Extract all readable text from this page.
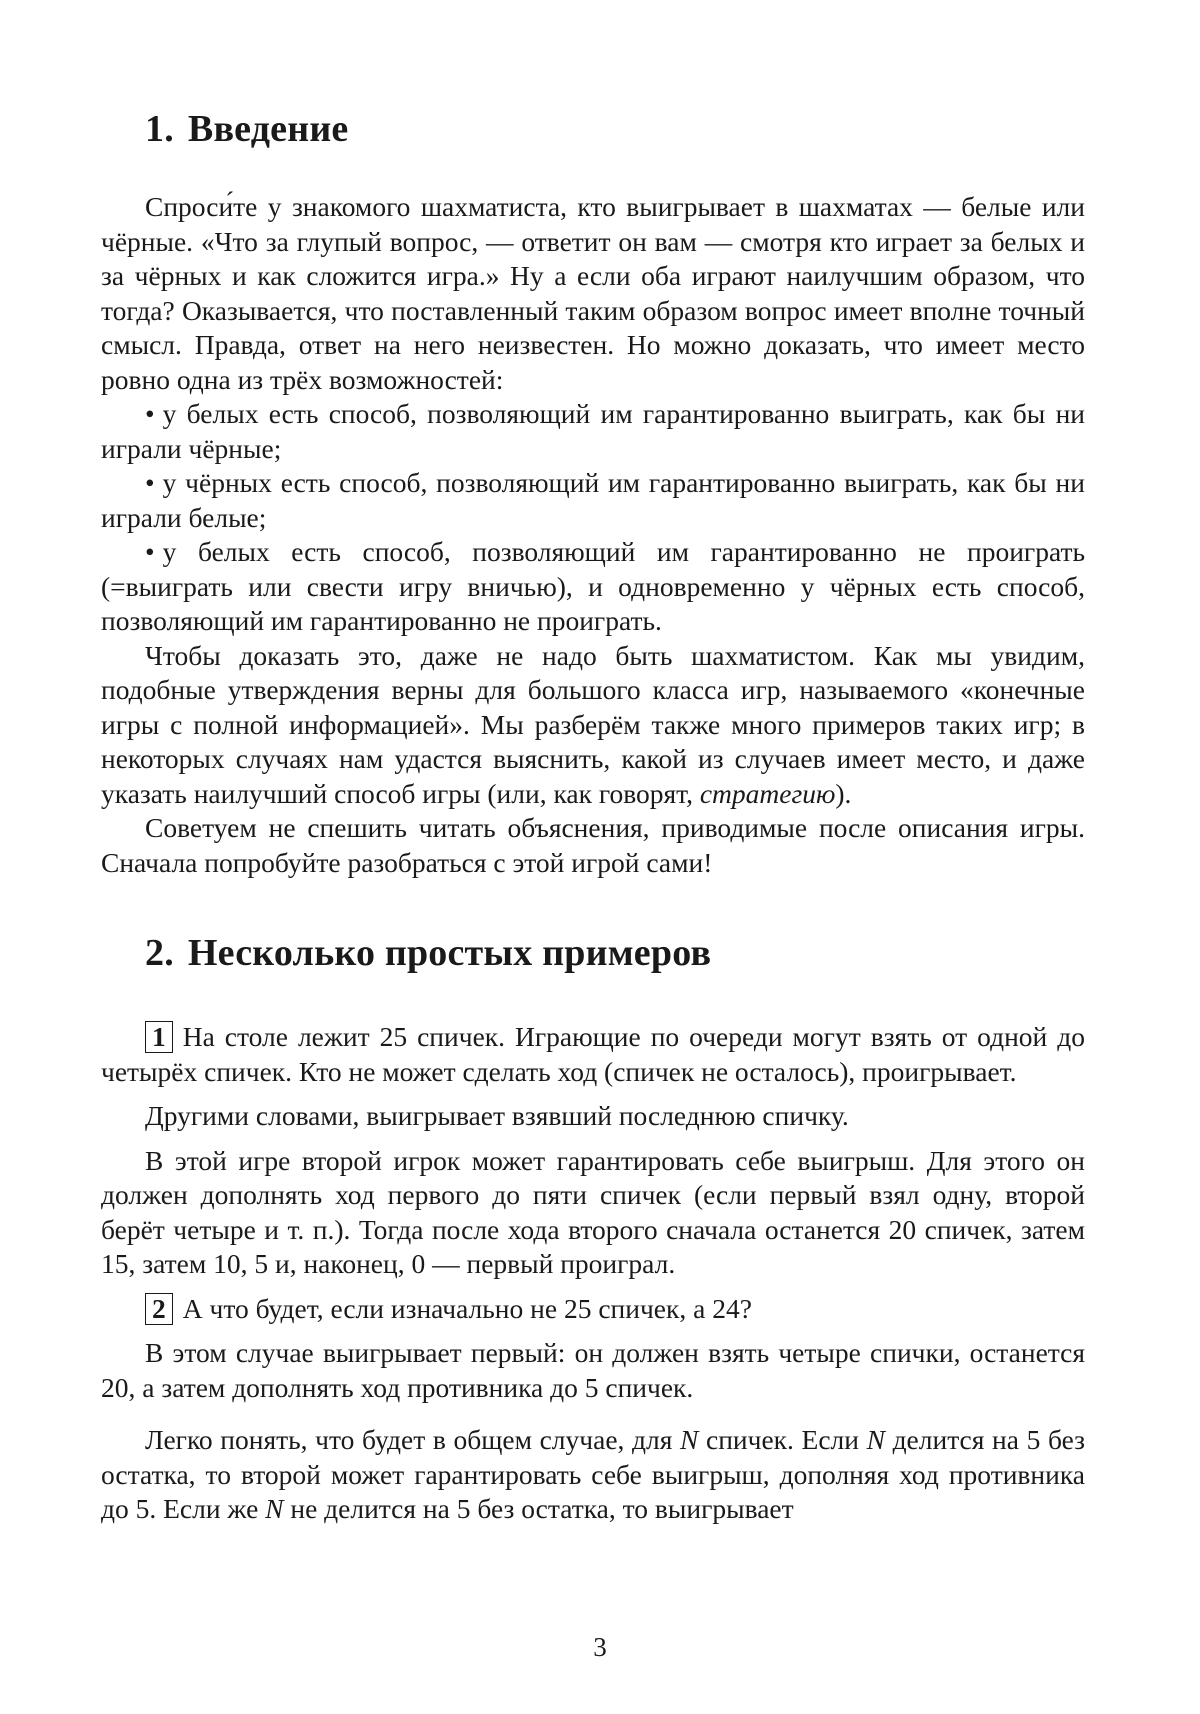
1. Введение

Спроси́те у знакомого шахматиста, кто выигрывает в шахматах — белые или чёрные. «Что за глупый вопрос, — ответит он вам — смотря кто играет за белых и за чёрных и как сложится игра.» Ну а если оба играют наилучшим образом, что тогда? Оказывается, что поставленный таким образом вопрос имеет вполне точный смысл. Правда, ответ на него неизвестен. Но можно доказать, что имеет место ровно одна из трёх возможностей:

• у белых есть способ, позволяющий им гарантированно выиграть, как бы ни играли чёрные;

• у чёрных есть способ, позволяющий им гарантированно выиграть, как бы ни играли белые;

• у белых есть способ, позволяющий им гарантированно не проиграть (=выиграть или свести игру вничью), и одновременно у чёрных есть способ, позволяющий им гарантированно не проиграть.

Чтобы доказать это, даже не надо быть шахматистом. Как мы увидим, подобные утверждения верны для большого класса игр, называемого «конечные игры с полной информацией». Мы разберём также много примеров таких игр; в некоторых случаях нам удастся выяснить, какой из случаев имеет место, и даже указать наилучший способ игры (или, как говорят, стратегию).

Советуем не спешить читать объяснения, приводимые после описания игры. Сначала попробуйте разобраться с этой игрой сами!

2. Несколько простых примеров

1 На столе лежит 25 спичек. Играющие по очереди могут взять от одной до четырёх спичек. Кто не может сделать ход (спичек не осталось), проигрывает.

Другими словами, выигрывает взявший последнюю спичку.

В этой игре второй игрок может гарантировать себе выигрыш. Для этого он должен дополнять ход первого до пяти спичек (если первый взял одну, второй берёт четыре и т. п.). Тогда после хода второго сначала останется 20 спичек, затем 15, затем 10, 5 и, наконец, 0 — первый проиграл.

2 А что будет, если изначально не 25 спичек, а 24?

В этом случае выигрывает первый: он должен взять четыре спички, останется 20, а затем дополнять ход противника до 5 спичек.

Легко понять, что будет в общем случае, для N спичек. Если N делится на 5 без остатка, то второй может гарантировать себе выигрыш, дополняя ход противника до 5. Если же N не делится на 5 без остатка, то выигрывает

3
